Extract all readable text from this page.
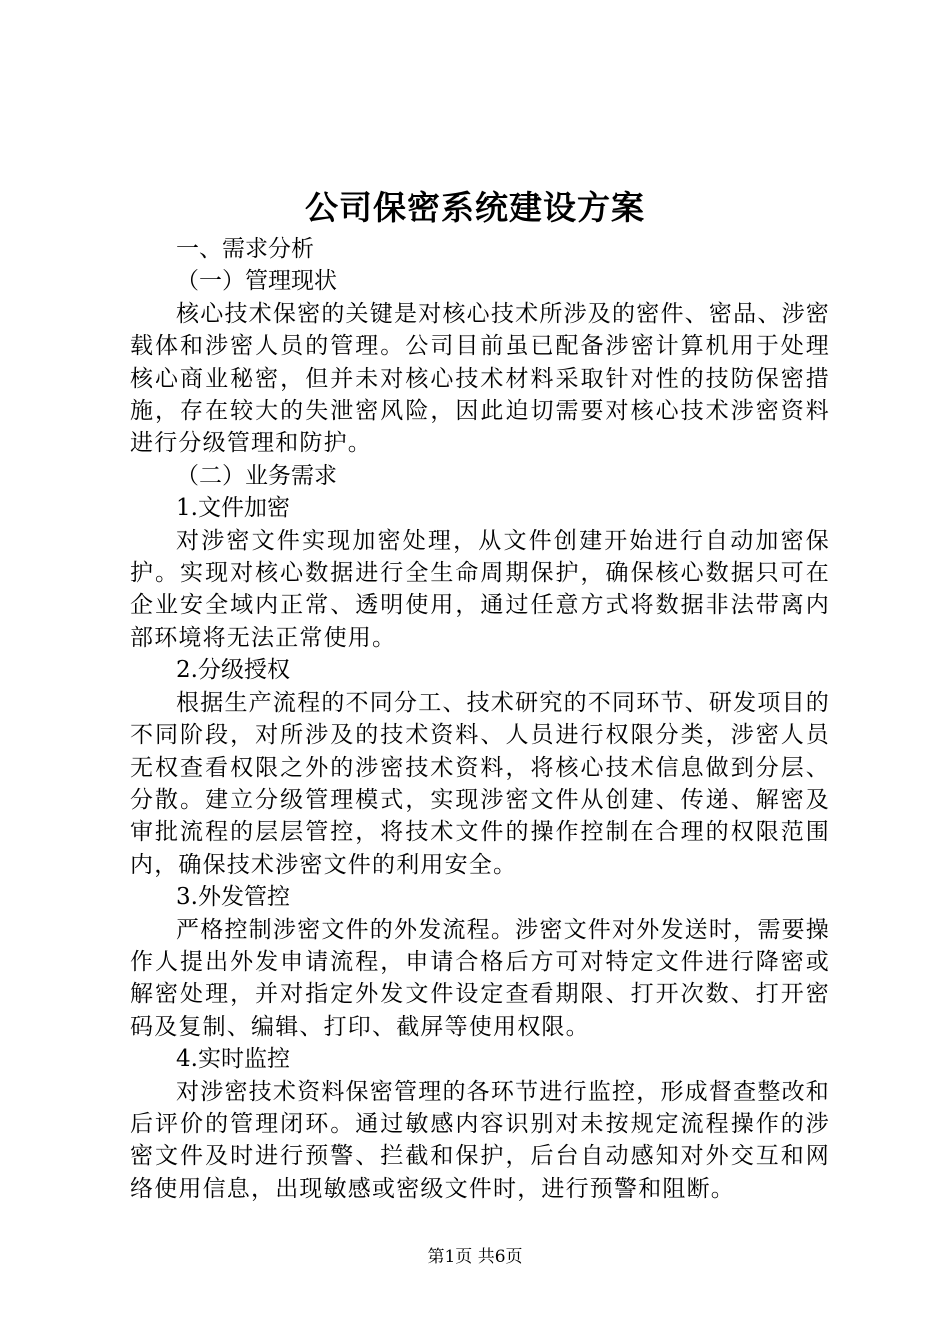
公司保密系统建设方案

一、需求分析

（一）管理现状

核心技术保密的关键是对核心技术所涉及的密件、密品、涉密载体和涉密人员的管理。公司目前虽已配备涉密计算机用于处理核心商业秘密，但并未对核心技术材料采取针对性的技防保密措施，存在较大的失泄密风险，因此迫切需要对核心技术涉密资料进行分级管理和防护。

（二）业务需求

1.文件加密

对涉密文件实现加密处理，从文件创建开始进行自动加密保护。实现对核心数据进行全生命周期保护，确保核心数据只可在企业安全域内正常、透明使用，通过任意方式将数据非法带离内部环境将无法正常使用。

2.分级授权

根据生产流程的不同分工、技术研究的不同环节、研发项目的不同阶段，对所涉及的技术资料、人员进行权限分类，涉密人员无权查看权限之外的涉密技术资料，将核心技术信息做到分层、分散。建立分级管理模式，实现涉密文件从创建、传递、解密及审批流程的层层管控，将技术文件的操作控制在合理的权限范围内，确保技术涉密文件的利用安全。

3.外发管控

严格控制涉密文件的外发流程。涉密文件对外发送时，需要操作人提出外发申请流程，申请合格后方可对特定文件进行降密或解密处理，并对指定外发文件设定查看期限、打开次数、打开密码及复制、编辑、打印、截屏等使用权限。

4.实时监控

对涉密技术资料保密管理的各环节进行监控，形成督查整改和后评价的管理闭环。通过敏感内容识别对未按规定流程操作的涉密文件及时进行预警、拦截和保护，后台自动感知对外交互和网络使用信息，出现敏感或密级文件时，进行预警和阻断。

第1页 共6页
